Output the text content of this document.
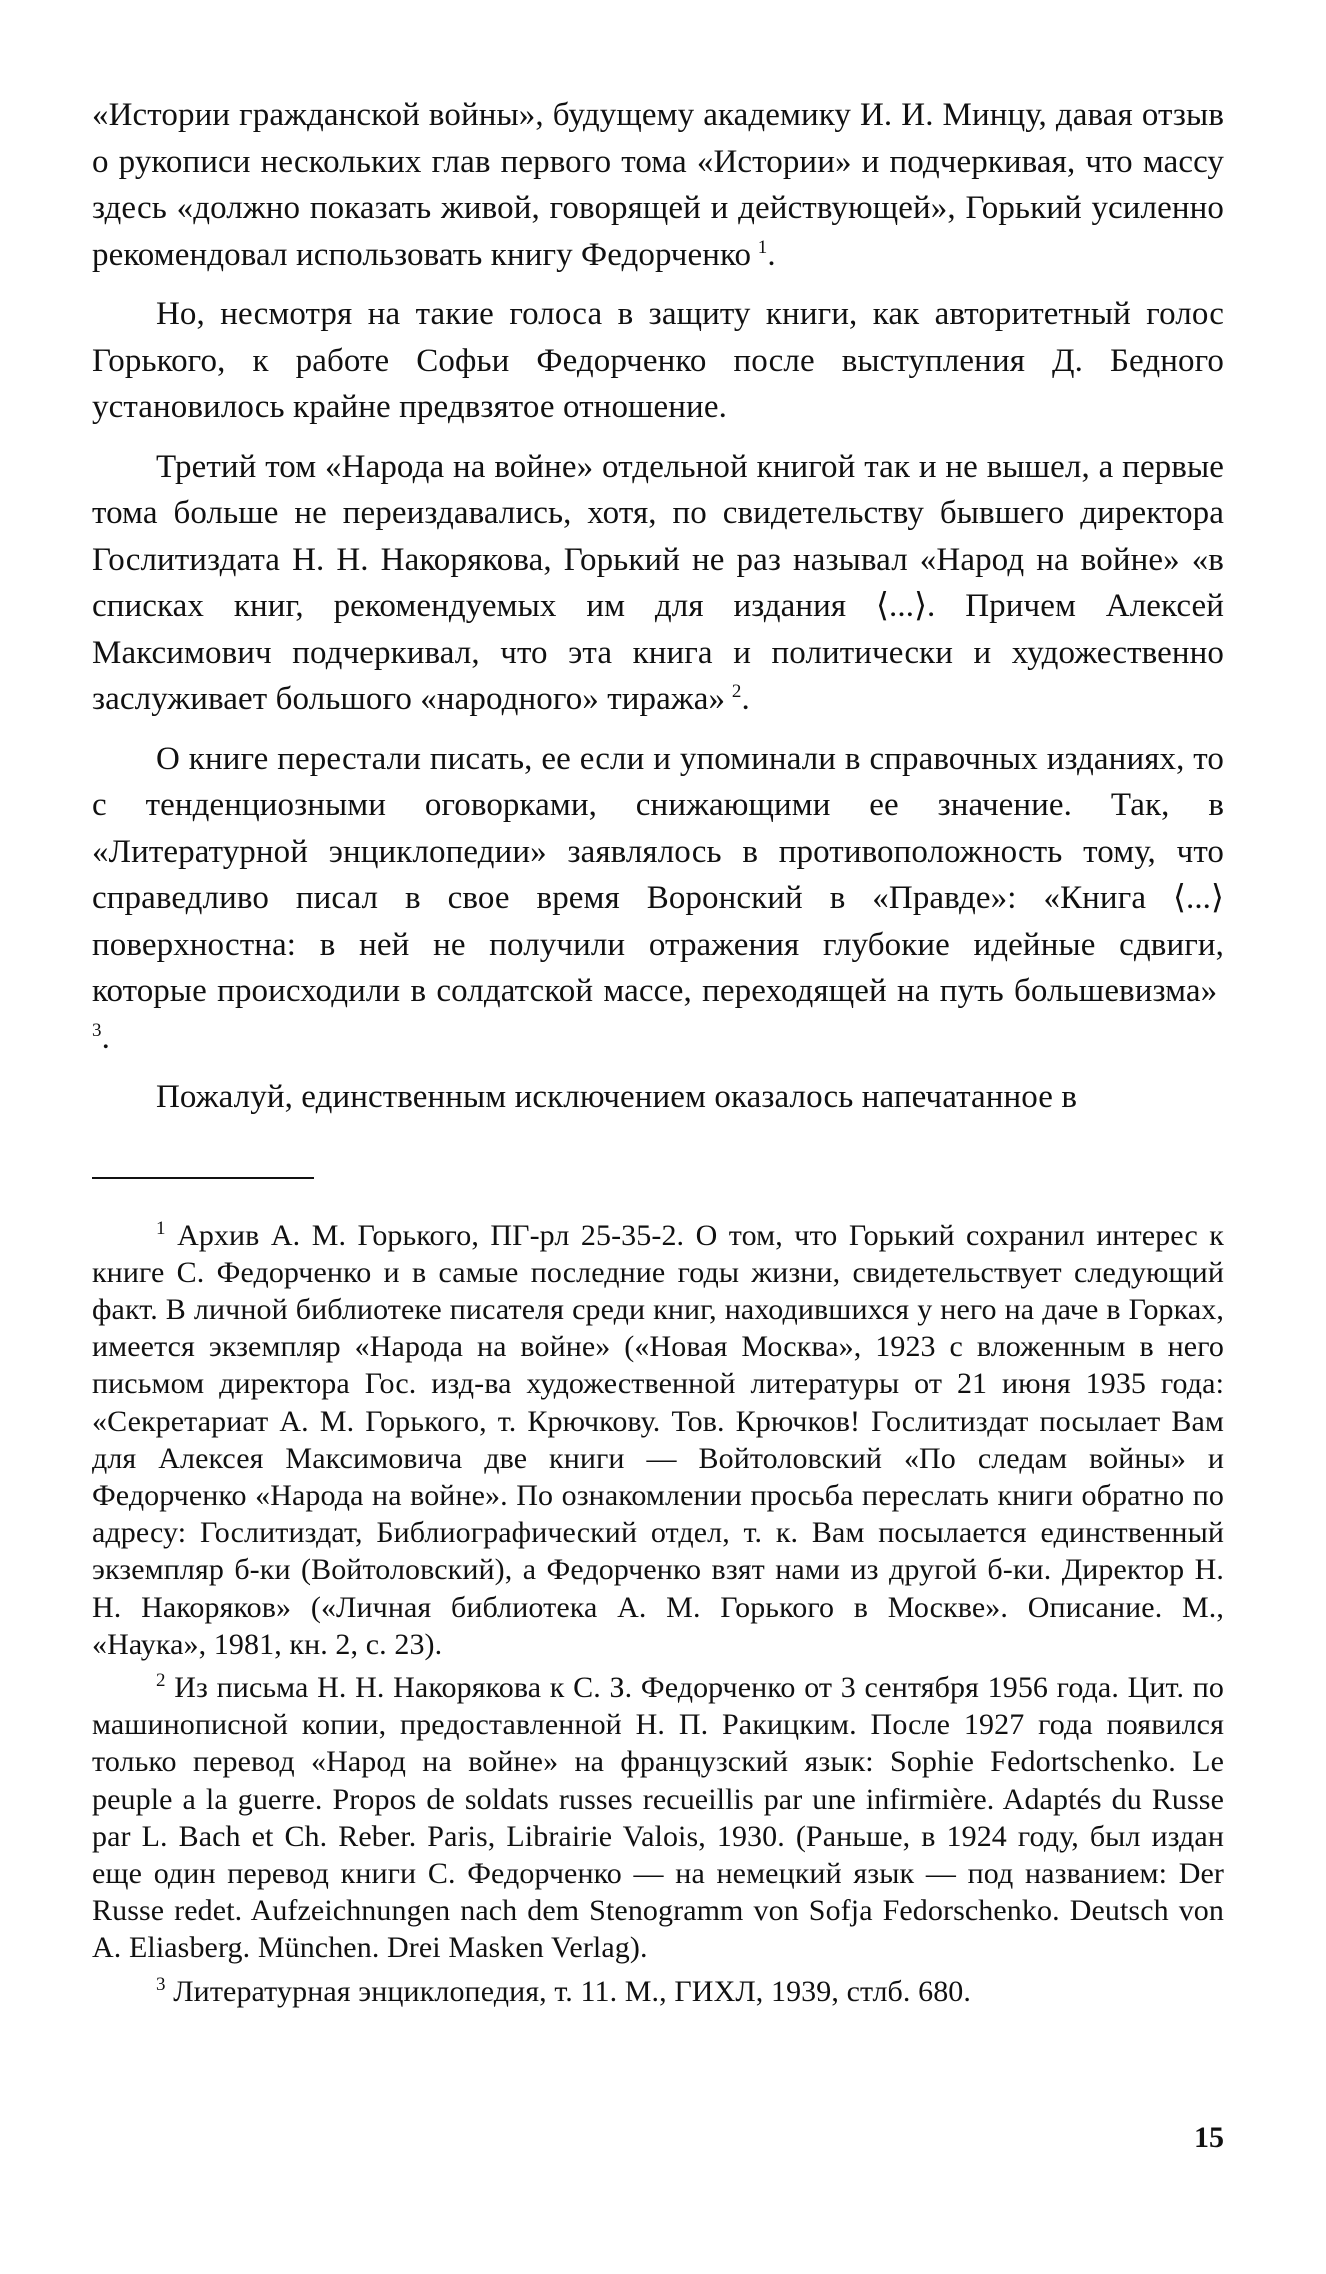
«Истории гражданской войны», будущему академику И. И. Минцу, давая отзыв о рукописи нескольких глав первого тома «Истории» и подчеркивая, что массу здесь «должно показать живой, говорящей и действующей», Горький усиленно рекомендовал использовать книгу Федорченко  $^1$.

Но, несмотря на такие голоса в защиту книги, как авторитетный голос Горького, к работе Софьи Федорченко после выступления Д. Бедного установилось крайне предвзятое отношение.

Третий том «Народа на войне» отдельной книгой так и не вышел, а первые тома больше не переиздавались, хотя, по свидетельству бывшего директора Гослитиздата Н. Н. Накорякова, Горький не раз называл «Народ на войне» «в списках книг, рекомендуемых им для издания ⟨...⟩. Причем Алексей Максимович подчеркивал, что эта книга и политически и художественно заслуживает большого «народного» тиража»  $^2$.

О книге перестали писать, ее если и упоминали в справочных изданиях, то с тенденциозными оговорками, снижающими ее значение. Так, в «Литературной энциклопедии» заявлялось в противоположность тому, что справедливо писал в свое время Воронский в «Правде»: «Книга ⟨...⟩ поверхностна: в ней не получили отражения глубокие идейные сдвиги, которые происходили в солдатской массе, переходящей на путь большевизма» $^3$.

Пожалуй, единственным исключением оказалось напечатанное в

$^1$ Архив А. М. Горького, ПГ-рл 25-35-2. О том, что Горький сохранил интерес к книге С. Федорченко и в самые последние годы жизни, свидетельствует следующий факт. В личной библиотеке писателя среди книг, находившихся у него на даче в Горках, имеется экземпляр «Народа на войне» («Новая Москва», 1923 с вложенным в него письмом директора Гос. изд-ва художественной литературы от 21 июня 1935 года: «Секретариат А. М. Горького, т. Крючкову. Тов. Крючков! Гослитиздат посылает Вам для Алексея Максимовича две книги — Войтоловский «По следам войны» и Федорченко «Народа на войне». По ознакомлении просьба переслать книги обратно по адресу: Гослитиздат, Библиографический отдел, т. к. Вам посылается единственный экземпляр б-ки (Войтоловский), а Федорченко взят нами из другой б-ки. Директор Н. Н. Накоряков» («Личная библиотека А. М. Горького в Москве». Описание. М., «Наука», 1981, кн. 2, с. 23).

$^2$ Из письма Н. Н. Накорякова к С. З. Федорченко от 3 сентября 1956 года. Цит. по машинописной копии, предоставленной Н. П. Ракицким. После 1927 года появился только перевод «Народ на войне» на французский язык: Sophie Fedortschenko. Le peuple a la guerre. Propos de soldats russes recueillis par une infirmière. Adaptés du Russe par L. Bach et Ch. Reber. Paris, Librairie Valois, 1930. (Раньше, в 1924 году, был издан еще один перевод книги С. Федорченко — на немецкий язык — под названием: Der Russe redet. Aufzeichnungen nach dem Stenogramm von Sofja Fedorschenko. Deutsch von A. Eliasberg. München. Drei Masken Verlag).

$^3$ Литературная энциклопедия, т. 11. М., ГИХЛ, 1939, стлб. 680.

15
